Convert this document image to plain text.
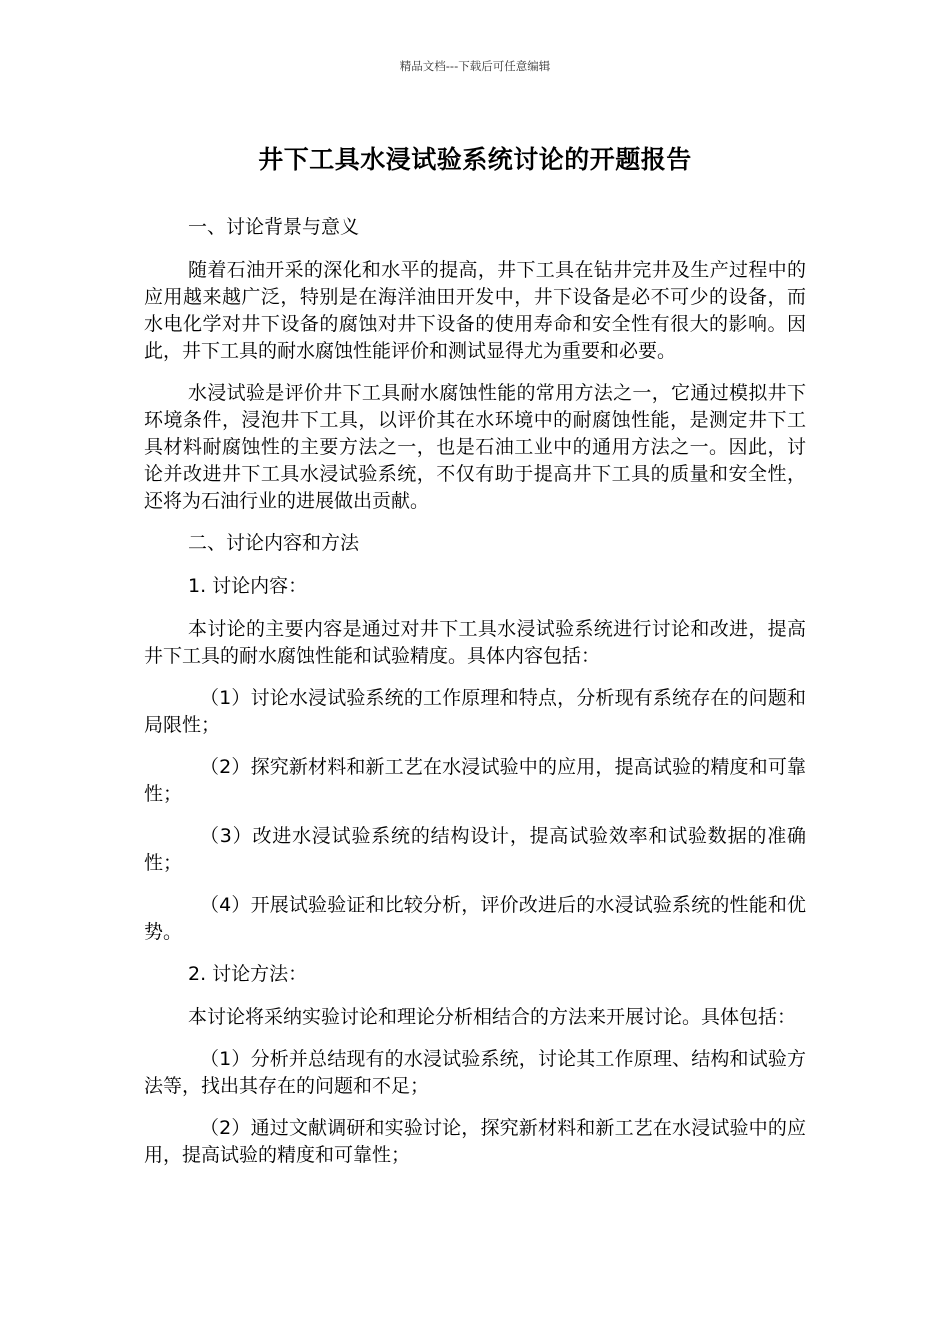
精品文档---下载后可任意编辑
井下工具水浸试验系统讨论的开题报告

一、讨论背景与意义

随着石油开采的深化和水平的提高，井下工具在钻井完井及生产过程中的应用越来越广泛，特别是在海洋油田开发中，井下设备是必不可少的设备，而水电化学对井下设备的腐蚀对井下设备的使用寿命和安全性有很大的影响。因此，井下工具的耐水腐蚀性能评价和测试显得尤为重要和必要。

水浸试验是评价井下工具耐水腐蚀性能的常用方法之一，它通过模拟井下环境条件，浸泡井下工具，以评价其在水环境中的耐腐蚀性能，是测定井下工具材料耐腐蚀性的主要方法之一，也是石油工业中的通用方法之一。因此，讨论并改进井下工具水浸试验系统，不仅有助于提高井下工具的质量和安全性，还将为石油行业的进展做出贡献。

二、讨论内容和方法

1. 讨论内容：

本讨论的主要内容是通过对井下工具水浸试验系统进行讨论和改进，提高井下工具的耐水腐蚀性能和试验精度。具体内容包括：

（1）讨论水浸试验系统的工作原理和特点，分析现有系统存在的问题和局限性；

（2）探究新材料和新工艺在水浸试验中的应用，提高试验的精度和可靠性；

（3）改进水浸试验系统的结构设计，提高试验效率和试验数据的准确性；

（4）开展试验验证和比较分析，评价改进后的水浸试验系统的性能和优势。

2. 讨论方法：

本讨论将采纳实验讨论和理论分析相结合的方法来开展讨论。具体包括：

（1）分析并总结现有的水浸试验系统，讨论其工作原理、结构和试验方法等，找出其存在的问题和不足；

（2）通过文献调研和实验讨论，探究新材料和新工艺在水浸试验中的应用，提高试验的精度和可靠性；
